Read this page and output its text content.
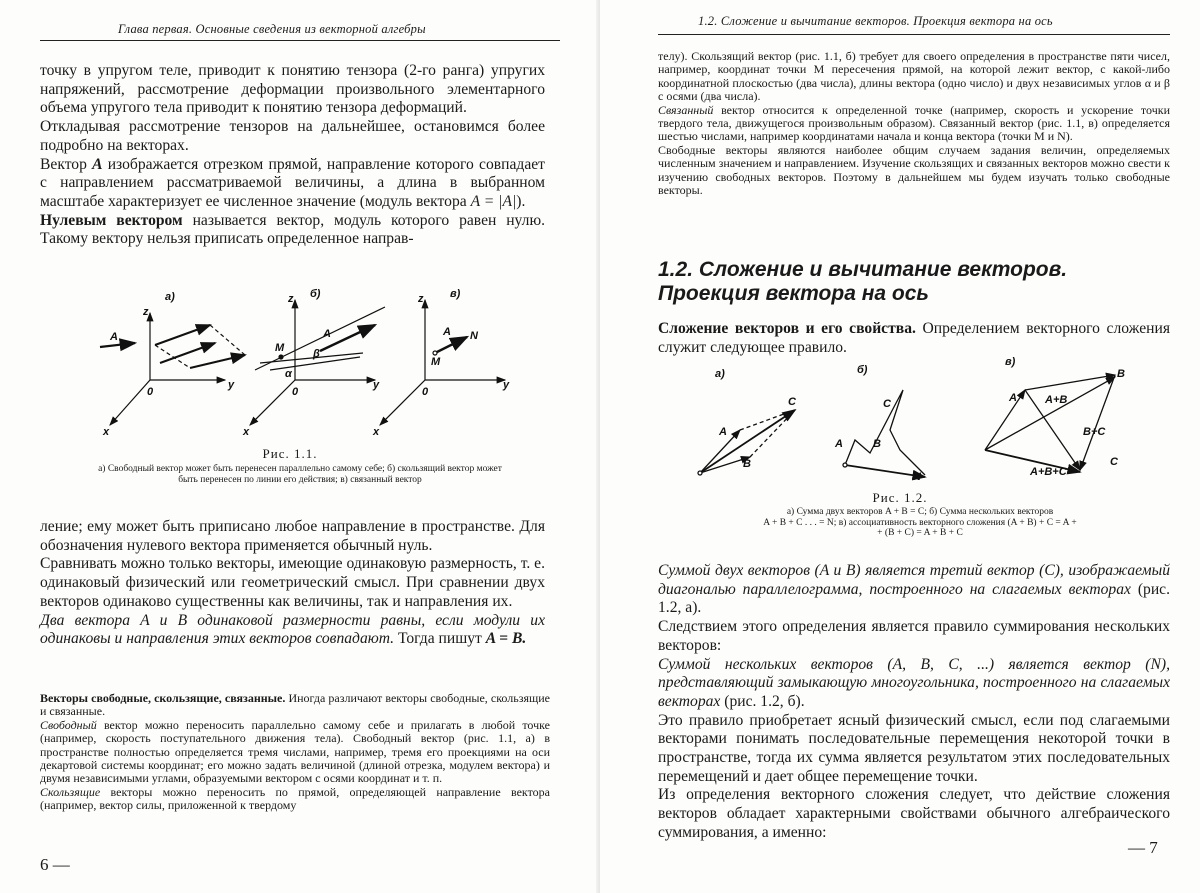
Глава первая. Основные сведения из векторной алгебры

точку в упругом теле, приводит к понятию тензора (2-го ранга) упругих напряжений, рассмотрение деформации произвольного элементарного объема упругого тела приводит к понятию тензора деформаций.

Откладывая рассмотрение тензоров на дальнейшее, остановимся более подробно на векторах.

Вектор A изображается отрезком прямой, направление которого совпадает с направлением рассматриваемой величины, а длина в выбранном масштабе характеризует ее численное значение (модуль вектора A = |A|).

Нулевым вектором называется вектор, модуль которого равен нулю. Такому вектору нельзя приписать определенное направ-

а)	б)	в)
z
y
x
0
A
z
y
x
0
A
M
α
β
z
y
x
0
A
M
N
Рис. 1.1.
а) Свободный вектор может быть перенесен параллельно самому себе; б) скользящий вектор может быть перенесен по линии его действия; в) связанный вектор

ление; ему может быть приписано любое направление в пространстве. Для обозначения нулевого вектора применяется обычный нуль.

Сравнивать можно только векторы, имеющие одинаковую размерность, т. е. одинаковый физический или геометрический смысл. При сравнении двух векторов одинаково существенны как величины, так и направления их.

Два вектора A и B одинаковой размерности равны, если модули их одинаковы и направления этих векторов совпадают. Тогда пишут A = B.

Векторы свободные, скользящие, связанные. Иногда различают векторы свободные, скользящие и связанные.

Свободный вектор можно переносить параллельно самому себе и прилагать в любой точке (например, скорость поступательного движения тела). Свободный вектор (рис. 1.1, а) в пространстве полностью определяется тремя числами, например, тремя его проекциями на оси декартовой системы координат; его можно задать величиной (длиной отрезка, модулем вектора) и двумя независимыми углами, образуемыми вектором с осями координат и т. п.

Скользящие векторы можно переносить по прямой, определяющей направление вектора (например, вектор силы, приложенной к твердому

6 —
1.2. Сложение и вычитание векторов. Проекция вектора на ось

телу). Скользящий вектор (рис. 1.1, б) требует для своего определения в пространстве пяти чисел, например, координат точки M пересечения прямой, на которой лежит вектор, с какой-либо координатной плоскостью (два числа), длины вектора (одно число) и двух независимых углов α и β с осями (два числа).

Связанный вектор относится к определенной точке (например, скорость и ускорение точки твердого тела, движущегося произвольным образом). Связанный вектор (рис. 1.1, в) определяется шестью числами, например координатами начала и конца вектора (точки M и N).

Свободные векторы являются наиболее общим случаем задания величин, определяемых численным значением и направлением. Изучение скользящих и связанных векторов можно свести к изучению свободных векторов. Поэтому в дальнейшем мы будем изучать только свободные векторы.

1.2. Сложение и вычитание векторов.
Проекция вектора на ось

Сложение векторов и его свойства. Определением векторного сложения служит следующее правило.

а)	б)
в)
A
B
C
A	B
C
N
A
B
C
A+B
B+C
A+B+C
Рис. 1.2.
а) Сумма двух векторов A + B = C; б) Сумма нескольких векторов
A + B + C . . . = N; в) ассоциативность векторного сложения (A + B) + C = A +
+ (B + C) = A + B + C

Суммой двух векторов (A и B) является третий вектор (C), изображаемый диагональю параллелограмма, построенного на слагаемых векторах (рис. 1.2, а).

Следствием этого определения является правило суммирования нескольких векторов:

Суммой нескольких векторов (A, B, C, ...) является вектор (N), представляющий замыкающую многоугольника, построенного на слагаемых векторах (рис. 1.2, б).

Это правило приобретает ясный физический смысл, если под слагаемыми векторами понимать последовательные перемещения некоторой точки в пространстве, тогда их сумма является результатом этих последовательных перемещений и дает общее перемещение точки.

Из определения векторного сложения следует, что действие сложения векторов обладает характерными свойствами обычного алгебраического суммирования, а именно:

— 7
